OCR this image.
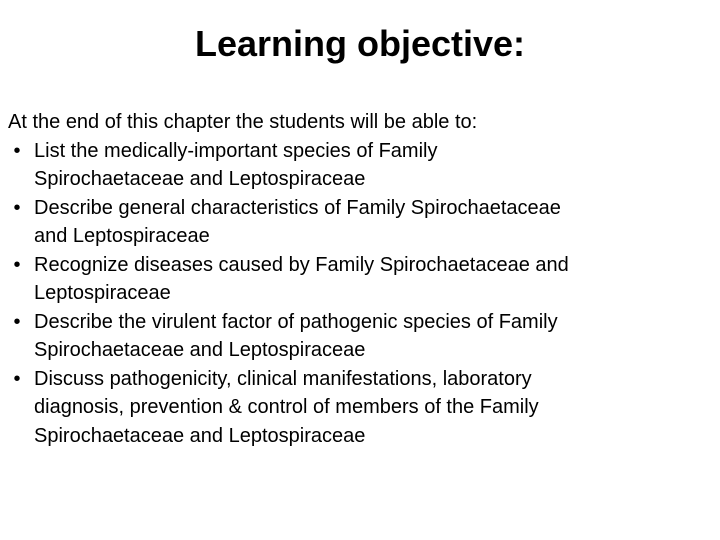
Learning objective:

At the end of this chapter the students will be able to:

• List the medically-important species of Family
Spirochaetaceae and Leptospiraceae
• Describe general characteristics of Family Spirochaetaceae
and Leptospiraceae
• Recognize diseases caused by Family Spirochaetaceae and
Leptospiraceae
• Describe the virulent factor of pathogenic species of Family
Spirochaetaceae and Leptospiraceae
• Discuss pathogenicity, clinical manifestations, laboratory
diagnosis, prevention & control of members of the Family
Spirochaetaceae and Leptospiraceae
